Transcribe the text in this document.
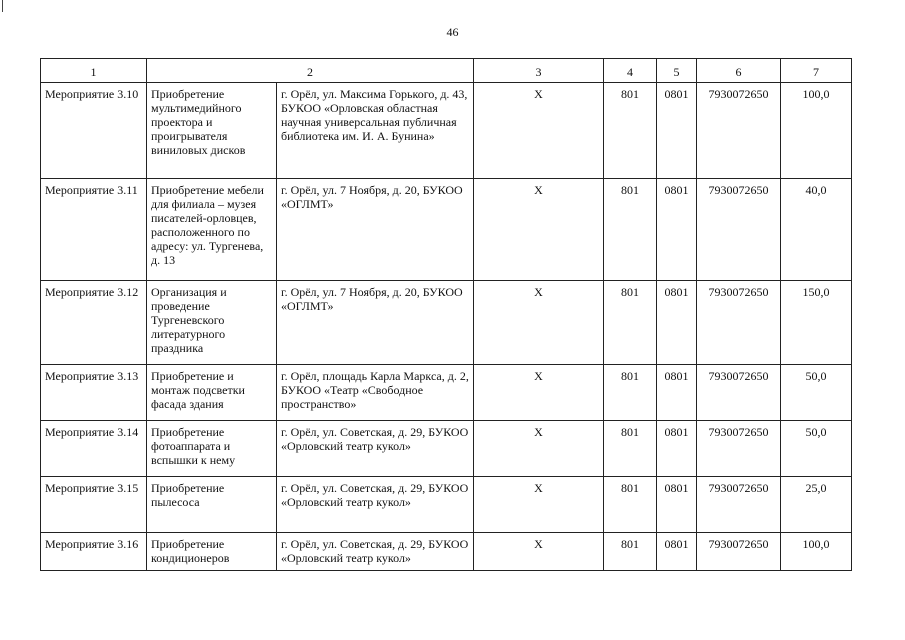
46
1	2		3	4	5	6	7
Мероприятие 3.10	Приобретение мультимедийного проектора и проигрывателя виниловых дисков	г. Орёл, ул. Максима Горького, д. 43, БУКОО «Орловская областная научная универсальная публичная библиотека им. И. А. Бунина»	X	801	0801	7930072650	100,0
Мероприятие 3.11	Приобретение мебели для филиала – музея писателей-орловцев, расположенного по адресу: ул. Тургенева, д. 13	г. Орёл, ул. 7 Ноября, д. 20, БУКОО «ОГЛМТ»	X	801	0801	7930072650	40,0
Мероприятие 3.12	Организация и проведение Тургеневского литературного праздника	г. Орёл, ул. 7 Ноября, д. 20, БУКОО «ОГЛМТ»	X	801	0801	7930072650	150,0
Мероприятие 3.13	Приобретение и монтаж подсветки фасада здания	г. Орёл, площадь Карла Маркса, д. 2, БУКОО «Театр «Свободное пространство»	X	801	0801	7930072650	50,0
Мероприятие 3.14	Приобретение фотоаппарата и вспышки к нему	г. Орёл, ул. Советская, д. 29, БУКОО «Орловский театр кукол»	X	801	0801	7930072650	50,0
Мероприятие 3.15	Приобретение пылесоса	г. Орёл, ул. Советская, д. 29, БУКОО «Орловский театр кукол»	X	801	0801	7930072650	25,0
Мероприятие 3.16	Приобретение кондиционеров	г. Орёл, ул. Советская, д. 29, БУКОО «Орловский театр кукол»	X	801	0801	7930072650	100,0
